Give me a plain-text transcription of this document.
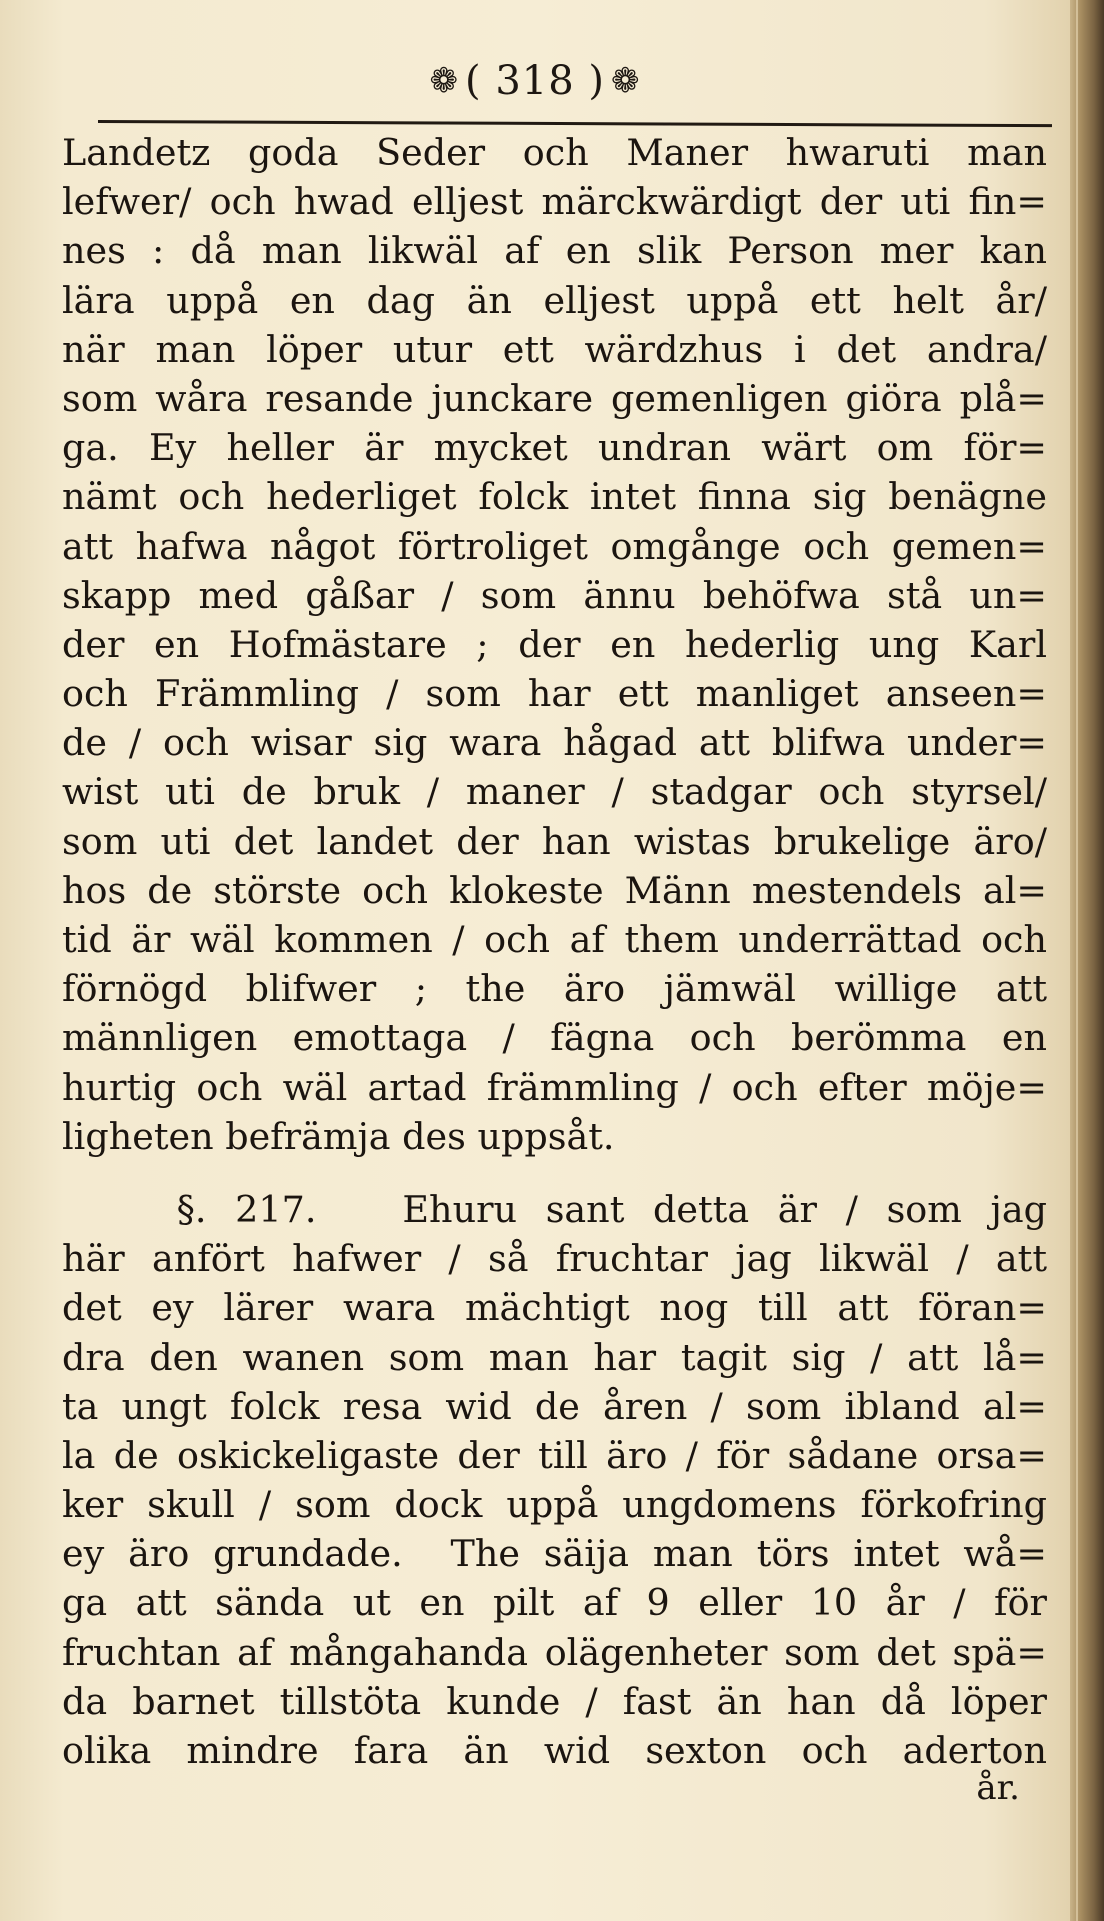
❁ ( 318 ) ❁
Landetz goda Seder och Maner hwaruti man
lefwer/ och hwad elljest märckwärdigt der uti fin=
nes : då man likwäl af en slik Person mer kan
lära uppå en dag än elljest uppå ett helt år/
när man löper utur ett wärdzhus i det andra/
som wåra resande junckare gemenligen giöra plå=
ga. Ey heller är mycket undran wärt om för=
nämt och hederliget folck intet finna sig benägne
att hafwa något förtroliget omgånge och gemen=
skapp med gåßar / som ännu behöfwa stå un=
der en Hofmästare ; der en hederlig ung Karl
och Främmling / som har ett manliget anseen=
de / och wisar sig wara hågad att blifwa under=
wist uti de bruk / maner / stadgar och styrsel/
som uti det landet der han wistas brukelige äro/
hos de störste och klokeste Männ mestendels al=
tid är wäl kommen / och af them underrättad och
förnögd blifwer ; the äro jämwäl willige att
männligen emottaga / fägna och berömma en
hurtig och wäl artad främmling / och efter möje=
ligheten befrämja des uppsåt.
§. 217.   Ehuru sant detta är / som jag
här anfört hafwer / så fruchtar jag likwäl / att
det ey lärer wara mächtigt nog till att föran=
dra den wanen som man har tagit sig / att lå=
ta ungt folck resa wid de åren / som ibland al=
la de oskickeligaste der till äro / för sådane orsa=
ker skull / som dock uppå ungdomens förkofring
ey äro grundade.  The säija man törs intet wå=
ga att sända ut en pilt af 9 eller 10 år / för
fruchtan af mångahanda olägenheter som det spä=
da barnet tillstöta kunde / fast än han då löper
olika mindre fara än wid sexton och aderton
år.
